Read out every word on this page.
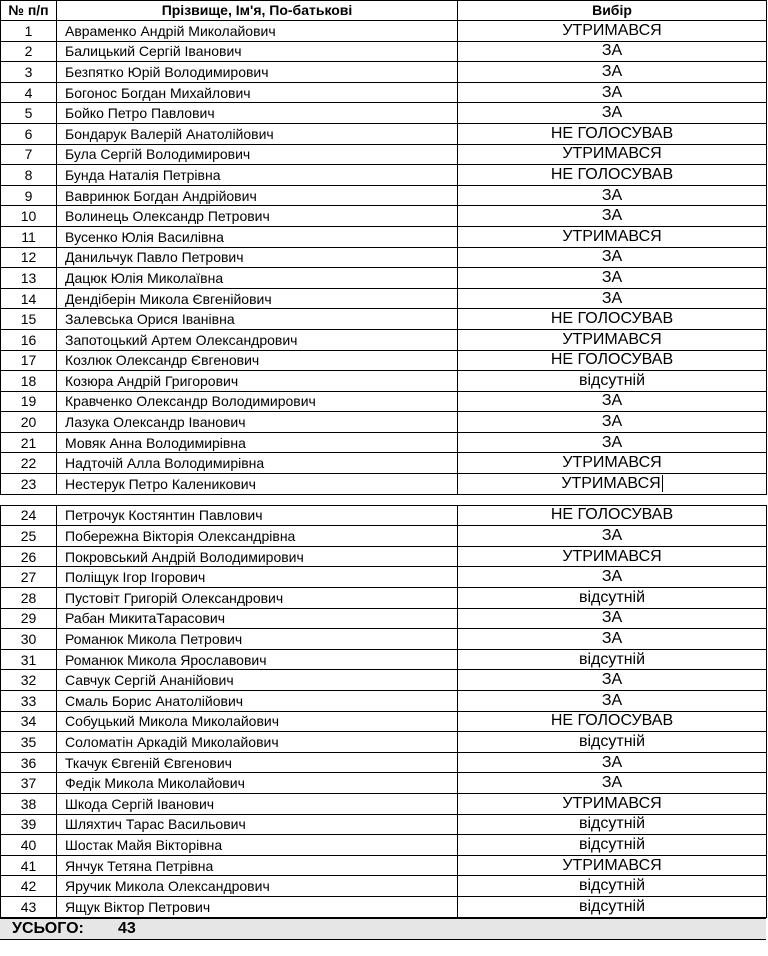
№ п/п	Прізвище, Ім'я, По-батькові	Вибір
1	Авраменко Андрій Миколайович	УТРИМАВСЯ
2	Балицький Сергій Іванович	ЗА
3	Безпятко Юрій Володимирович	ЗА
4	Богонос Богдан Михайлович	ЗА
5	Бойко Петро Павлович	ЗА
6	Бондарук Валерій Анатолійович	НЕ ГОЛОСУВАВ
7	Була Сергій Володимирович	УТРИМАВСЯ
8	Бунда Наталія Петрівна	НЕ ГОЛОСУВАВ
9	Вавринюк Богдан Андрійович	ЗА
10	Волинець Олександр Петрович	ЗА
11	Вусенко Юлія Василівна	УТРИМАВСЯ
12	Данильчук Павло Петрович	ЗА
13	Дацюк Юлія Миколаївна	ЗА
14	Дендіберін Микола Євгенійович	ЗА
15	Залевська Орися Іванівна	НЕ ГОЛОСУВАВ
16	Запотоцький Артем Олександрович	УТРИМАВСЯ
17	Козлюк Олександр Євгенович	НЕ ГОЛОСУВАВ
18	Козюра Андрій Григорович	відсутній
19	Кравченко Олександр Володимирович	ЗА
20	Лазука Олександр Іванович	ЗА
21	Мовяк Анна Володимирівна	ЗА
22	Надточій Алла Володимирівна	УТРИМАВСЯ
23	Нестерук Петро Каленикович	УТРИМАВСЯ
24	Петрочук Костянтин Павлович	НЕ ГОЛОСУВАВ
25	Побережна Вікторія Олександрівна	ЗА
26	Покровський Андрій Володимирович	УТРИМАВСЯ
27	Поліщук Ігор Ігорович	ЗА
28	Пустовіт Григорій Олександрович	відсутній
29	Рабан МикитаТарасович	ЗА
30	Романюк Микола Петрович	ЗА
31	Романюк Микола Ярославович	відсутній
32	Савчук Сергій Ананійович	ЗА
33	Смаль Борис Анатолійович	ЗА
34	Собуцький Микола Миколайович	НЕ ГОЛОСУВАВ
35	Соломатін Аркадій Миколайович	відсутній
36	Ткачук Євгеній Євгенович	ЗА
37	Федік Микола Миколайович	ЗА
38	Шкода Сергій Іванович	УТРИМАВСЯ
39	Шляхтич Тарас Васильович	відсутній
40	Шостак Майя Вікторівна	відсутній
41	Янчук Тетяна Петрівна	УТРИМАВСЯ
42	Яручик Микола Олександрович	відсутній
43	Ящук Віктор Петрович	відсутній
УСЬОГО: 43
